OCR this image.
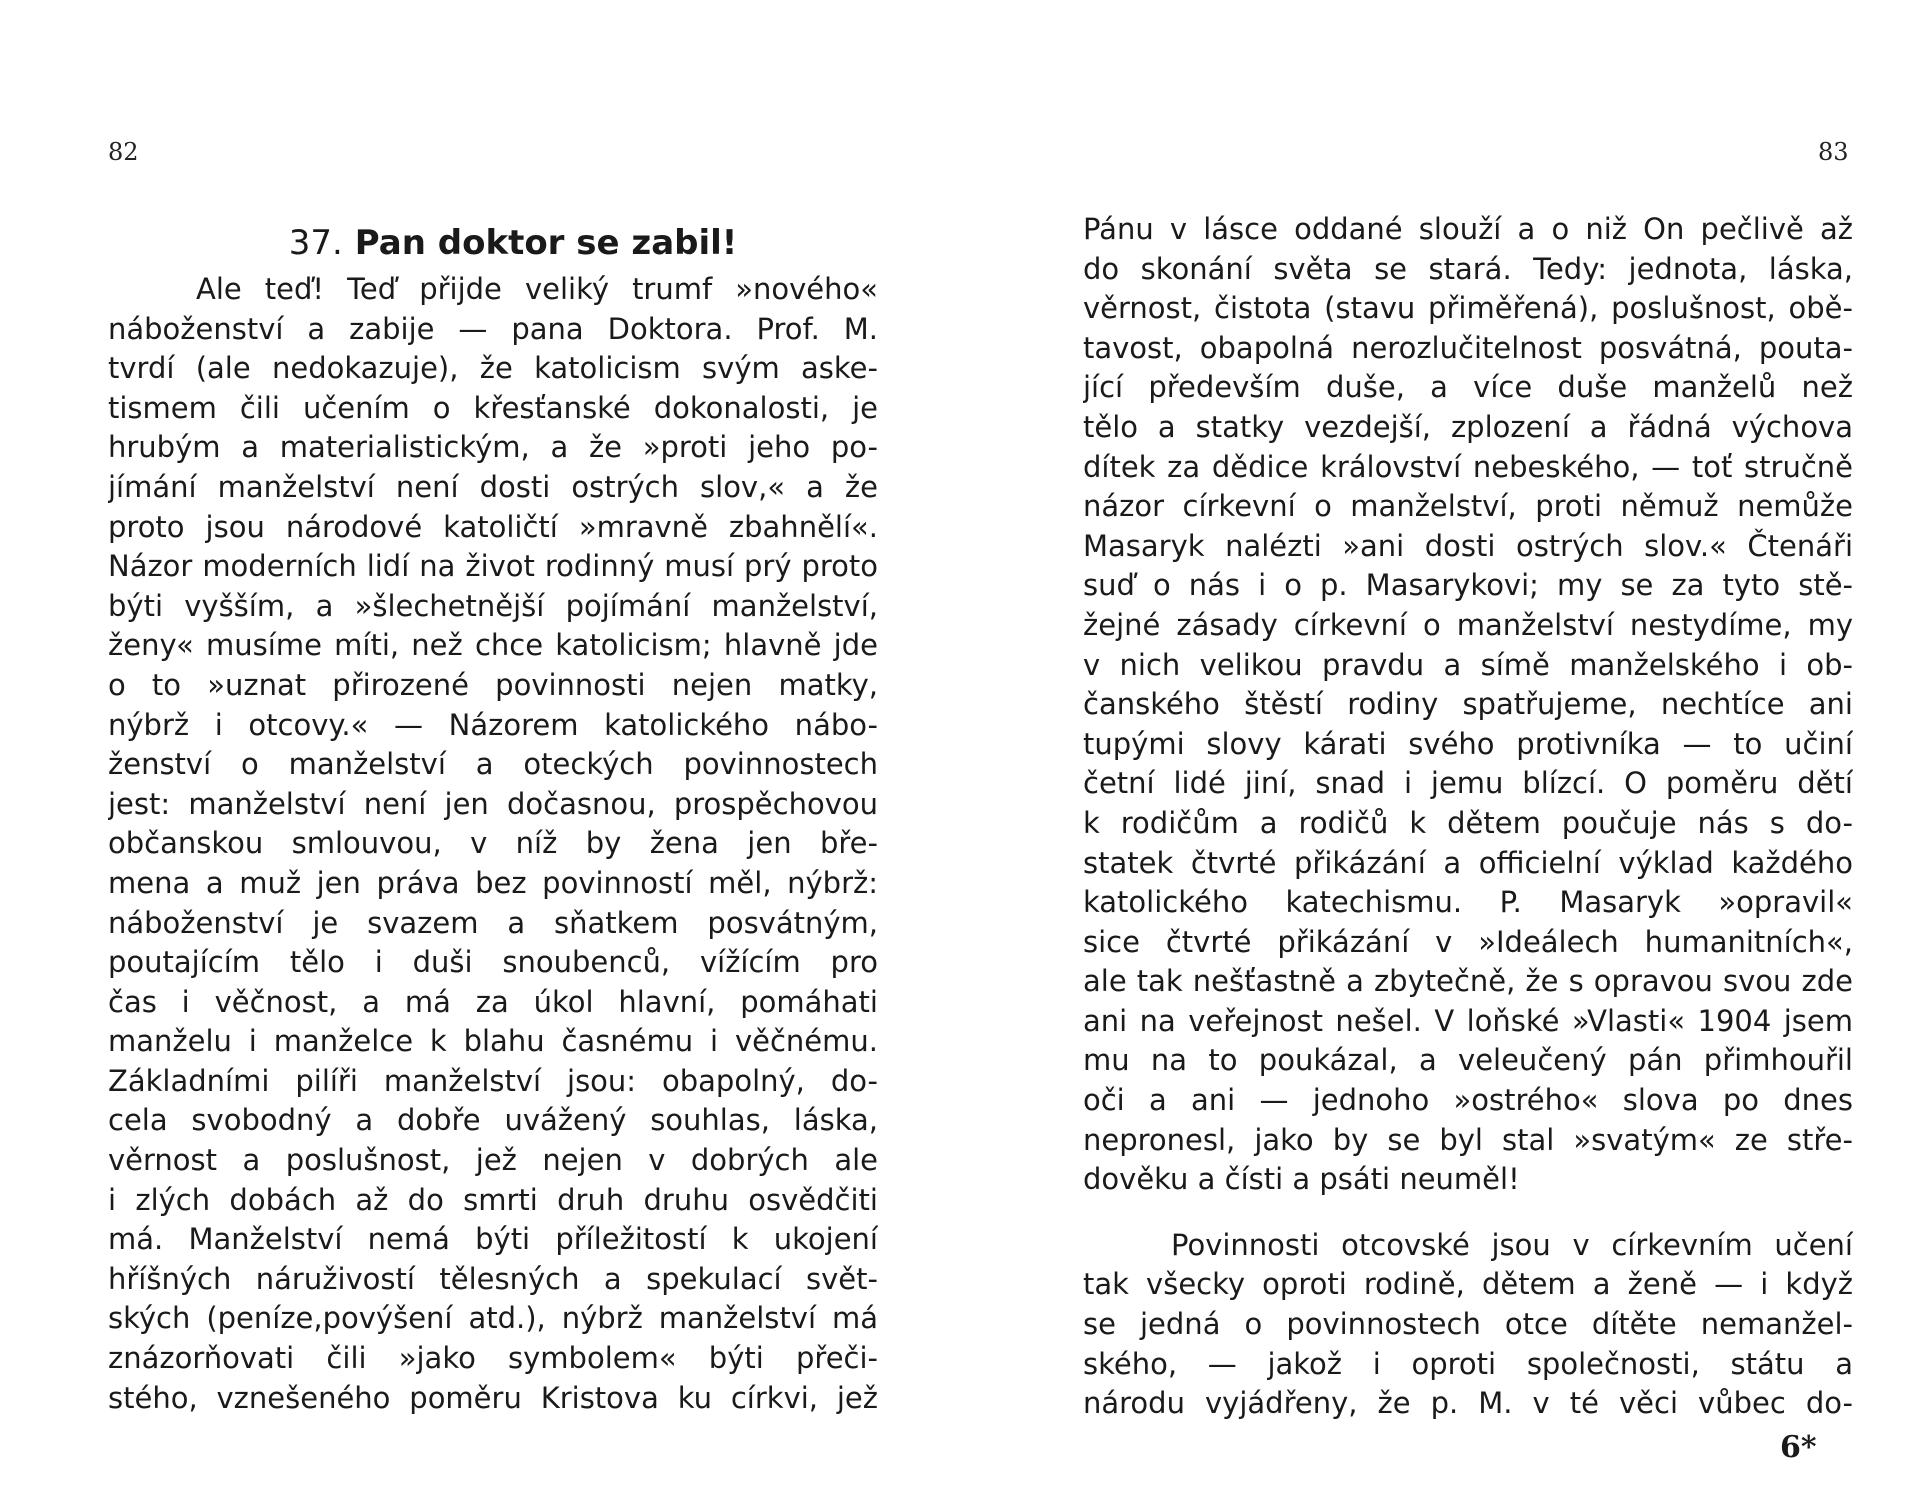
82	83
37. Pan doktor se zabil!
Ale teď! Teď přijde veliký trumf »nového«
náboženství a zabije — pana Doktora. Prof. M.
tvrdí (ale nedokazuje), že katolicism svým aske-
tismem čili učením o křesťanské dokonalosti, je
hrubým a materialistickým, a že »proti jeho po-
jímání manželství není dosti ostrých slov,« a že
proto jsou národové katoličtí »mravně zbahnělí«.
Názor moderních lidí na život rodinný musí prý proto
býti vyšším, a »šlechetnější pojímání manželství,
ženy« musíme míti, než chce katolicism; hlavně jde
o to »uznat přirozené povinnosti nejen matky,
nýbrž i otcovy.« — Názorem katolického nábo-
ženství o manželství a oteckých povinnostech
jest: manželství není jen dočasnou, prospěchovou
občanskou smlouvou, v níž by žena jen bře-
mena a muž jen práva bez povinností měl, nýbrž:
náboženství je svazem a sňatkem posvátným,
poutajícím tělo i duši snoubenců, vížícím pro
čas i věčnost, a má za úkol hlavní, pomáhati
manželu i manželce k blahu časnému i věčnému.
Základními pilíři manželství jsou: obapolný, do-
cela svobodný a dobře uvážený souhlas, láska,
věrnost a poslušnost, jež nejen v dobrých ale
i zlých dobách až do smrti druh druhu osvědčiti
má. Manželství nemá býti příležitostí k ukojení
hříšných náruživostí tělesných a spekulací svět-
ských (peníze,povýšení atd.), nýbrž manželství má
znázorňovati čili »jako symbolem« býti přeči-
stého, vznešeného poměru Kristova ku církvi, jež
Pánu v lásce oddané slouží a o niž On pečlivě až
do skonání světa se stará. Tedy: jednota, láska,
věrnost, čistota (stavu přiměřená), poslušnost, obě-
tavost, obapolná nerozlučitelnost posvátná, pouta-
jící především duše, a více duše manželů než
tělo a statky vezdejší, zplození a řádná výchova
dítek za dědice království nebeského, — toť stručně
názor církevní o manželství, proti němuž nemůže
Masaryk nalézti »ani dosti ostrých slov.« Čtenáři
suď o nás i o p. Masarykovi; my se za tyto stě-
žejné zásady církevní o manželství nestydíme, my
v nich velikou pravdu a símě manželského i ob-
čanského štěstí rodiny spatřujeme, nechtíce ani
tupými slovy kárati svého protivníka — to učiní
četní lidé jiní, snad i jemu blízcí. O poměru dětí
k rodičům a rodičů k dětem poučuje nás s do-
statek čtvrté přikázání a officielní výklad každého
katolického katechismu. P. Masaryk »opravil«
sice čtvrté přikázání v »Ideálech humanitních«,
ale tak nešťastně a zbytečně, že s opravou svou zde
ani na veřejnost nešel. V loňské »Vlasti« 1904 jsem
mu na to poukázal, a veleučený pán přimhouřil
oči a ani — jednoho »ostrého« slova po dnes
nepronesl, jako by se byl stal »svatým« ze stře-
dověku a čísti a psáti neuměl!
Povinnosti otcovské jsou v církevním učení
tak všecky oproti rodině, dětem a ženě — i když
se jedná o povinnostech otce dítěte nemanžel-
ského, — jakož i oproti společnosti, státu a
národu vyjádřeny, že p. M. v té věci vůbec do-
6*
